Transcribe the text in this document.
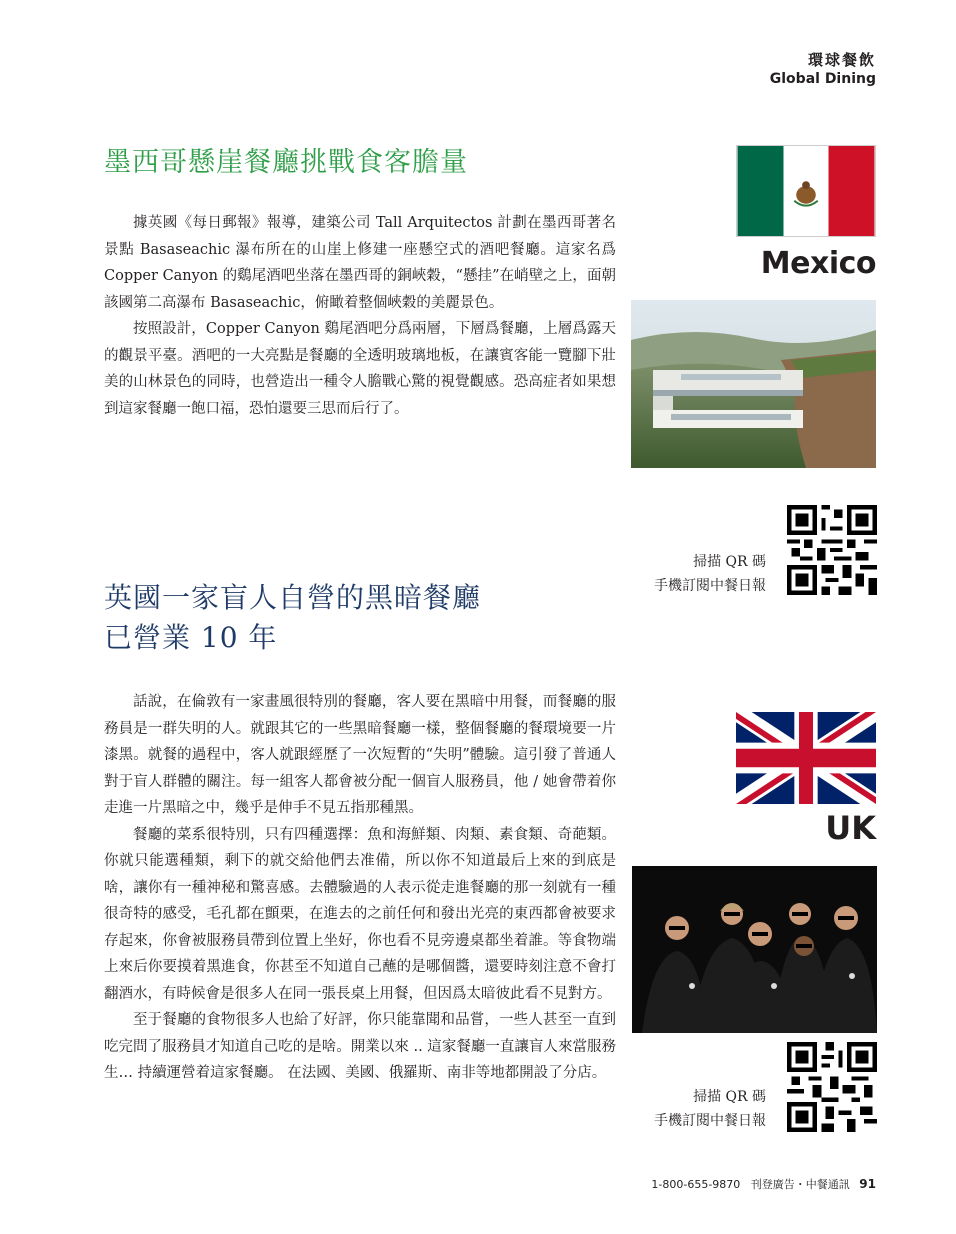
環球餐飲
Global Dining
墨西哥懸崖餐廳挑戰食客膽量

據英國《每日郵報》報導，建築公司 Tall Arquitectos 計劃在墨西哥著名景點 Basaseachic 瀑布所在的山崖上修建一座懸空式的酒吧餐廳。這家名爲 Copper Canyon 的鷄尾酒吧坐落在墨西哥的銅峽穀，“懸挂”在峭壁之上，面朝該國第二高瀑布 Basaseachic，俯瞰着整個峽穀的美麗景色。

按照設計，Copper Canyon 鷄尾酒吧分爲兩層，下層爲餐廳，上層爲露天的觀景平臺。酒吧的一大亮點是餐廳的全透明玻璃地板，在讓賓客能一覽腳下壯美的山林景色的同時，也營造出一種令人膽戰心驚的視覺觀感。恐高症者如果想到這家餐廳一飽口福，恐怕還要三思而后行了。

Mexico
掃描 QR 碼
手機訂閱中餐日報
英國一家盲人自營的黑暗餐廳
已營業 10 年

話說，在倫敦有一家畫風很特別的餐廳，客人要在黑暗中用餐，而餐廳的服務員是一群失明的人。就跟其它的一些黑暗餐廳一樣，整個餐廳的餐環境要一片漆黑。就餐的過程中，客人就跟經歷了一次短暫的“失明”體驗。這引發了普通人對于盲人群體的關注。每一組客人都會被分配一個盲人服務員，他 / 她會帶着你走進一片黑暗之中，幾乎是伸手不見五指那種黑。

餐廳的菜系很特別，只有四種選擇：魚和海鮮類、肉類、素食類、奇葩類。你就只能選種類，剩下的就交給他們去准備，所以你不知道最后上來的到底是啥，讓你有一種神秘和驚喜感。去體驗過的人表示從走進餐廳的那一刻就有一種很奇特的感受，毛孔都在顫栗，在進去的之前任何和發出光亮的東西都會被要求存起來，你會被服務員帶到位置上坐好，你也看不見旁邊桌都坐着誰。等食物端上來后你要摸着黑進食，你甚至不知道自己蘸的是哪個醬，還要時刻注意不會打翻酒水，有時候會是很多人在同一張長桌上用餐，但因爲太暗彼此看不見對方。

至于餐廳的食物很多人也給了好評，你只能靠聞和品嘗，一些人甚至一直到吃完問了服務員才知道自己吃的是啥。開業以來 .. 這家餐廳一直讓盲人來當服務生… 持續運營着這家餐廳。 在法國、美國、俄羅斯、南非等地都開設了分店。

UK
掃描 QR 碼
手機訂閱中餐日報
1-800-655-9870 刊登廣告・中餐通訊 91
